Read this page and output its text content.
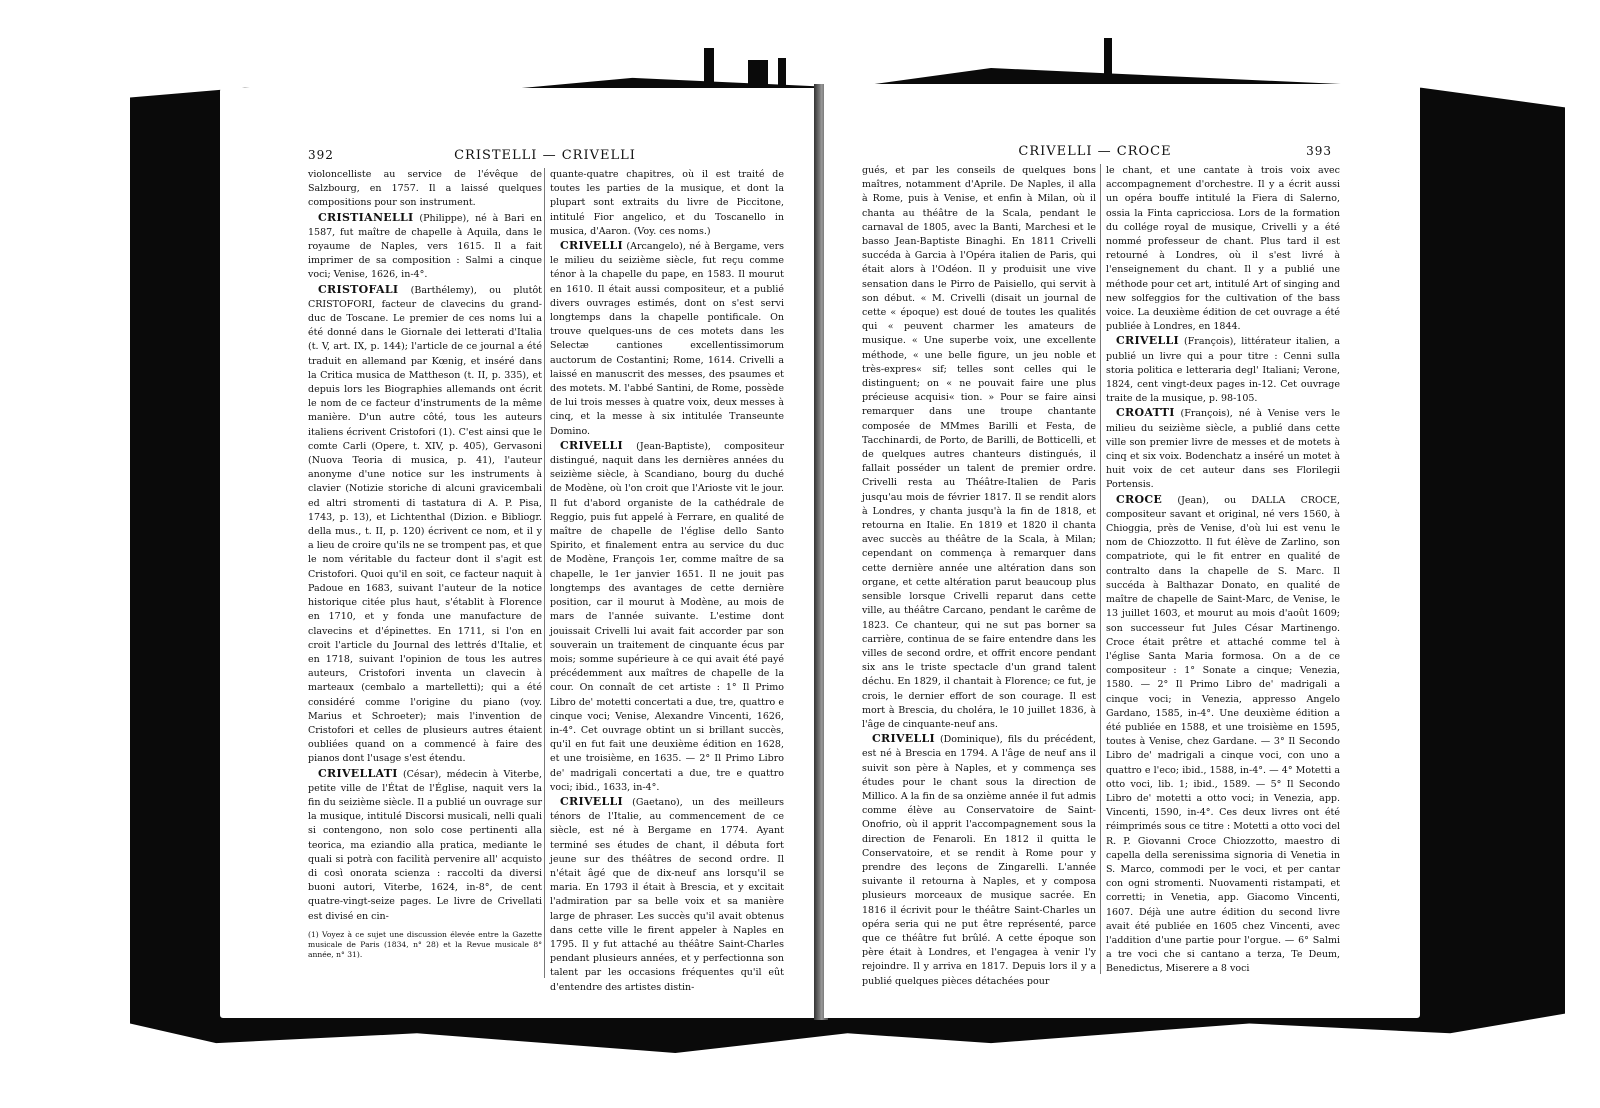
392	CRISTELLI — CRIVELLI

violoncelliste au service de l'évêque de Salzbourg, en 1757. Il a laissé quelques compositions pour son instrument.

CRISTIANELLI (Philippe), né à Bari en 1587, fut maître de chapelle à Aquila, dans le royaume de Naples, vers 1615. Il a fait imprimer de sa composition : Salmi a cinque voci; Venise, 1626, in-4°.

CRISTOFALI (Barthélemy), ou plutôt CRISTOFORI, facteur de clavecins du grand-duc de Toscane. Le premier de ces noms lui a été donné dans le Giornale dei letterati d'Italia (t. V, art. IX, p. 144); l'article de ce journal a été traduit en allemand par Kœnig, et inséré dans la Critica musica de Mattheson (t. II, p. 335), et depuis lors les Biographies allemands ont écrit le nom de ce facteur d'instruments de la même manière. D'un autre côté, tous les auteurs italiens écrivent Cristofori (1). C'est ainsi que le comte Carli (Opere, t. XIV, p. 405), Gervasoni (Nuova Teoria di musica, p. 41), l'auteur anonyme d'une notice sur les instruments à clavier (Notizie storiche di alcuni gravicembali ed altri stromenti di tastatura di A. P. Pisa, 1743, p. 13), et Lichtenthal (Dizion. e Bibliogr. della mus., t. II, p. 120) écrivent ce nom, et il y a lieu de croire qu'ils ne se trompent pas, et que le nom véritable du facteur dont il s'agit est Cristofori. Quoi qu'il en soit, ce facteur naquit à Padoue en 1683, suivant l'auteur de la notice historique citée plus haut, s'établit à Florence en 1710, et y fonda une manufacture de clavecins et d'épinettes. En 1711, si l'on en croit l'article du Journal des lettrés d'Italie, et en 1718, suivant l'opinion de tous les autres auteurs, Cristofori inventa un clavecin à marteaux (cembalo a martelletti); qui a été considéré comme l'origine du piano (voy. Marius et Schroeter); mais l'invention de Cristofori et celles de plusieurs autres étaient oubliées quand on a commencé à faire des pianos dont l'usage s'est étendu.

CRIVELLATI (César), médecin à Viterbe, petite ville de l'État de l'Église, naquit vers la fin du seizième siècle. Il a publié un ouvrage sur la musique, intitulé Discorsi musicali, nelli quali si contengono, non solo cose pertinenti alla teorica, ma eziandio alla pratica, mediante le quali si potrà con facilità pervenire all' acquisto di così onorata scienza : raccolti da diversi buoni autori, Viterbe, 1624, in-8°, de cent quatre-vingt-seize pages. Le livre de Crivellati est divisé en cin-

(1) Voyez à ce sujet une discussion élevée entre la Gazette musicale de Paris (1834, n° 28) et la Revue musicale 8° année, n° 31).

quante-quatre chapitres, où il est traité de toutes les parties de la musique, et dont la plupart sont extraits du livre de Piccitone, intitulé Fior angelico, et du Toscanello in musica, d'Aaron. (Voy. ces noms.)

CRIVELLI (Arcangelo), né à Bergame, vers le milieu du seizième siècle, fut reçu comme ténor à la chapelle du pape, en 1583. Il mourut en 1610. Il était aussi compositeur, et a publié divers ouvrages estimés, dont on s'est servi longtemps dans la chapelle pontificale. On trouve quelques-uns de ces motets dans les Selectæ cantiones excellentissimorum auctorum de Costantini; Rome, 1614. Crivelli a laissé en manuscrit des messes, des psaumes et des motets. M. l'abbé Santini, de Rome, possède de lui trois messes à quatre voix, deux messes à cinq, et la messe à six intitulée Transeunte Domino.

CRIVELLI (Jean-Baptiste), compositeur distingué, naquit dans les dernières années du seizième siècle, à Scandiano, bourg du duché de Modène, où l'on croit que l'Arioste vit le jour. Il fut d'abord organiste de la cathédrale de Reggio, puis fut appelé à Ferrare, en qualité de maître de chapelle de l'église dello Santo Spirito, et finalement entra au service du duc de Modène, François 1er, comme maître de sa chapelle, le 1er janvier 1651. Il ne jouit pas longtemps des avantages de cette dernière position, car il mourut à Modène, au mois de mars de l'année suivante. L'estime dont jouissait Crivelli lui avait fait accorder par son souverain un traitement de cinquante écus par mois; somme supérieure à ce qui avait été payé précédemment aux maîtres de chapelle de la cour. On connaît de cet artiste : 1° Il Primo Libro de' motetti concertati a due, tre, quattro e cinque voci; Venise, Alexandre Vincenti, 1626, in-4°. Cet ouvrage obtint un si brillant succès, qu'il en fut fait une deuxième édition en 1628, et une troisième, en 1635. — 2° Il Primo Libro de' madrigali concertati a due, tre e quattro voci; ibid., 1633, in-4°.

CRIVELLI (Gaetano), un des meilleurs ténors de l'Italie, au commencement de ce siècle, est né à Bergame en 1774. Ayant terminé ses études de chant, il débuta fort jeune sur des théâtres de second ordre. Il n'était âgé que de dix-neuf ans lorsqu'il se maria. En 1793 il était à Brescia, et y excitait l'admiration par sa belle voix et sa manière large de phraser. Les succès qu'il avait obtenus dans cette ville le firent appeler à Naples en 1795. Il y fut attaché au théâtre Saint-Charles pendant plusieurs années, et y perfectionna son talent par les occasions fréquentes qu'il eût d'entendre des artistes distin-

CRIVELLI — CROCE	393

gués, et par les conseils de quelques bons maîtres, notamment d'Aprile. De Naples, il alla à Rome, puis à Venise, et enfin à Milan, où il chanta au théâtre de la Scala, pendant le carnaval de 1805, avec la Banti, Marchesi et le basso Jean-Baptiste Binaghi. En 1811 Crivelli succéda à Garcia à l'Opéra italien de Paris, qui était alors à l'Odéon. Il y produisit une vive sensation dans le Pirro de Paisiello, qui servit à son début. « M. Crivelli (disait un journal de cette « époque) est doué de toutes les qualités qui « peuvent charmer les amateurs de musique. « Une superbe voix, une excellente méthode, « une belle figure, un jeu noble et très-expres« sif; telles sont celles qui le distinguent; on « ne pouvait faire une plus précieuse acquisi« tion. » Pour se faire ainsi remarquer dans une troupe chantante composée de MMmes Barilli et Festa, de Tacchinardi, de Porto, de Barilli, de Botticelli, et de quelques autres chanteurs distingués, il fallait posséder un talent de premier ordre. Crivelli resta au Théâtre-Italien de Paris jusqu'au mois de février 1817. Il se rendit alors à Londres, y chanta jusqu'à la fin de 1818, et retourna en Italie. En 1819 et 1820 il chanta avec succès au théâtre de la Scala, à Milan; cependant on commença à remarquer dans cette dernière année une altération dans son organe, et cette altération parut beaucoup plus sensible lorsque Crivelli reparut dans cette ville, au théâtre Carcano, pendant le carême de 1823. Ce chanteur, qui ne sut pas borner sa carrière, continua de se faire entendre dans les villes de second ordre, et offrit encore pendant six ans le triste spectacle d'un grand talent déchu. En 1829, il chantait à Florence; ce fut, je crois, le dernier effort de son courage. Il est mort à Brescia, du choléra, le 10 juillet 1836, à l'âge de cinquante-neuf ans.

CRIVELLI (Dominique), fils du précédent, est né à Brescia en 1794. A l'âge de neuf ans il suivit son père à Naples, et y commença ses études pour le chant sous la direction de Millico. A la fin de sa onzième année il fut admis comme élève au Conservatoire de Saint-Onofrio, où il apprit l'accompagnement sous la direction de Fenaroli. En 1812 il quitta le Conservatoire, et se rendit à Rome pour y prendre des leçons de Zingarelli. L'année suivante il retourna à Naples, et y composa plusieurs morceaux de musique sacrée. En 1816 il écrivit pour le théâtre Saint-Charles un opéra seria qui ne put être représenté, parce que ce théâtre fut brûlé. A cette époque son père était à Londres, et l'engagea à venir l'y rejoindre. Il y arriva en 1817. Depuis lors il y a publié quelques pièces détachées pour

le chant, et une cantate à trois voix avec accompagnement d'orchestre. Il y a écrit aussi un opéra bouffe intitulé la Fiera di Salerno, ossia la Finta capricciosa. Lors de la formation du collége royal de musique, Crivelli y a été nommé professeur de chant. Plus tard il est retourné à Londres, où il s'est livré à l'enseignement du chant. Il y a publié une méthode pour cet art, intitulé Art of singing and new solfeggios for the cultivation of the bass voice. La deuxième édition de cet ouvrage a été publiée à Londres, en 1844.

CRIVELLI (François), littérateur italien, a publié un livre qui a pour titre : Cenni sulla storia politica e letteraria degl' Italiani; Verone, 1824, cent vingt-deux pages in-12. Cet ouvrage traite de la musique, p. 98-105.

CROATTI (François), né à Venise vers le milieu du seizième siècle, a publié dans cette ville son premier livre de messes et de motets à cinq et six voix. Bodenchatz a inséré un motet à huit voix de cet auteur dans ses Florilegii Portensis.

CROCE (Jean), ou DALLA CROCE, compositeur savant et original, né vers 1560, à Chioggia, près de Venise, d'où lui est venu le nom de Chiozzotto. Il fut élève de Zarlino, son compatriote, qui le fit entrer en qualité de contralto dans la chapelle de S. Marc. Il succéda à Balthazar Donato, en qualité de maître de chapelle de Saint-Marc, de Venise, le 13 juillet 1603, et mourut au mois d'août 1609; son successeur fut Jules César Martinengo. Croce était prêtre et attaché comme tel à l'église Santa Maria formosa. On a de ce compositeur : 1° Sonate a cinque; Venezia, 1580. — 2° Il Primo Libro de' madrigali a cinque voci; in Venezia, appresso Angelo Gardano, 1585, in-4°. Une deuxième édition a été publiée en 1588, et une troisième en 1595, toutes à Venise, chez Gardane. — 3° Il Secondo Libro de' madrigali a cinque voci, con uno a quattro e l'eco; ibid., 1588, in-4°. — 4° Motetti a otto voci, lib. 1; ibid., 1589. — 5° Il Secondo Libro de' motetti a otto voci; in Venezia, app. Vincenti, 1590, in-4°. Ces deux livres ont été réimprimés sous ce titre : Motetti a otto voci del R. P. Giovanni Croce Chiozzotto, maestro di capella della serenissima signoria di Venetia in S. Marco, commodi per le voci, et per cantar con ogni stromenti. Nuovamenti ristampati, et corretti; in Venetia, app. Giacomo Vincenti, 1607. Déjà une autre édition du second livre avait été publiée en 1605 chez Vincenti, avec l'addition d'une partie pour l'orgue. — 6° Salmi a tre voci che si cantano a terza, Te Deum, Benedictus, Miserere a 8 voci
